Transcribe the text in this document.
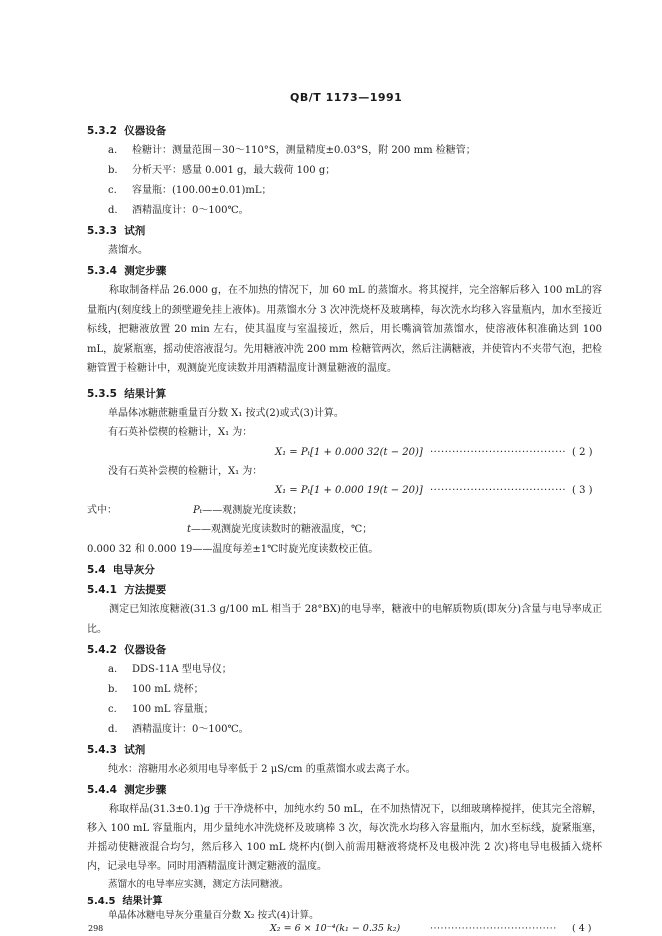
QB/T 1173—1991
5.3.2 仪器设备
a. 检糖计：测量范围－30～110°S，测量精度±0.03°S，附 200 mm 检糖管；
b. 分析天平：感量 0.001 g，最大载荷 100 g；
c. 容量瓶：(100.00±0.01)mL；
d. 酒精温度计：0～100℃。
5.3.3 试剂
蒸馏水。
5.3.4 测定步骤
称取制备样品 26.000 g，在不加热的情况下，加 60 mL 的蒸馏水。将其搅拌，完全溶解后移入 100 mL的容量瓶内(刻度线上的颈壁避免挂上液体)。用蒸馏水分 3 次冲洗烧杯及玻璃棒，每次洗水均移入容量瓶内，加水至接近标线，把糖液放置 20 min 左右，使其温度与室温接近，然后，用长嘴滴管加蒸馏水，使溶液体积准确达到 100 mL，旋紧瓶塞，摇动使溶液混匀。先用糖液冲洗 200 mm 检糖管两次，然后注满糖液，并使管内不夹带气泡，把检糖管置于检糖计中，观测旋光度读数并用酒精温度计测量糖液的温度。
5.3.5 结果计算
单晶体冰糖蔗糖重量百分数 X₁ 按式(2)或式(3)计算。
有石英补偿楔的检糖计，X₁ 为：
X₁ = Pₜ[1 + 0.000 32(t − 20)] ····································· ( 2 )
没有石英补尝楔的检糖计，X₁ 为：
X₁ = Pₜ[1 + 0.000 19(t − 20)] ····································· ( 3 )
式中：	Pₜ——观测旋光度读数；
t——观测旋光度读数时的糖液温度，℃；
0.000 32 和 0.000 19——温度每差±1℃时旋光度读数校正值。
5.4 电导灰分
5.4.1 方法提要
测定已知浓度糖液(31.3 g/100 mL 相当于 28°BX)的电导率，糖液中的电解质物质(即灰分)含量与电导率成正比。
5.4.2 仪器设备
a. DDS-11A 型电导仪；
b. 100 mL 烧杯；
c. 100 mL 容量瓶；
d. 酒精温度计：0～100℃。
5.4.3 试剂
纯水：溶糖用水必须用电导率低于 2 μS/cm 的重蒸馏水或去离子水。
5.4.4 测定步骤
称取样品(31.3±0.1)g 于干净烧杯中，加纯水约 50 mL，在不加热情况下，以细玻璃棒搅拌，使其完全溶解，移入 100 mL 容量瓶内，用少量纯水冲洗烧杯及玻璃棒 3 次，每次洗水均移入容量瓶内，加水至标线，旋紧瓶塞，并摇动使糖液混合均匀，然后移入 100 mL 烧杯内(倒入前需用糖液将烧杯及电极冲洗 2 次)将电导电极插入烧杯内，记录电导率。同时用酒精温度计测定糖液的温度。
蒸馏水的电导率应实测，测定方法同糖液。
5.4.5 结果计算
单晶体冰糖电导灰分重量百分数 X₂ 按式(4)计算。
X₂ = 6 × 10⁻⁴(k₁ − 0.35 k₂)	···································· ( 4 )
298
